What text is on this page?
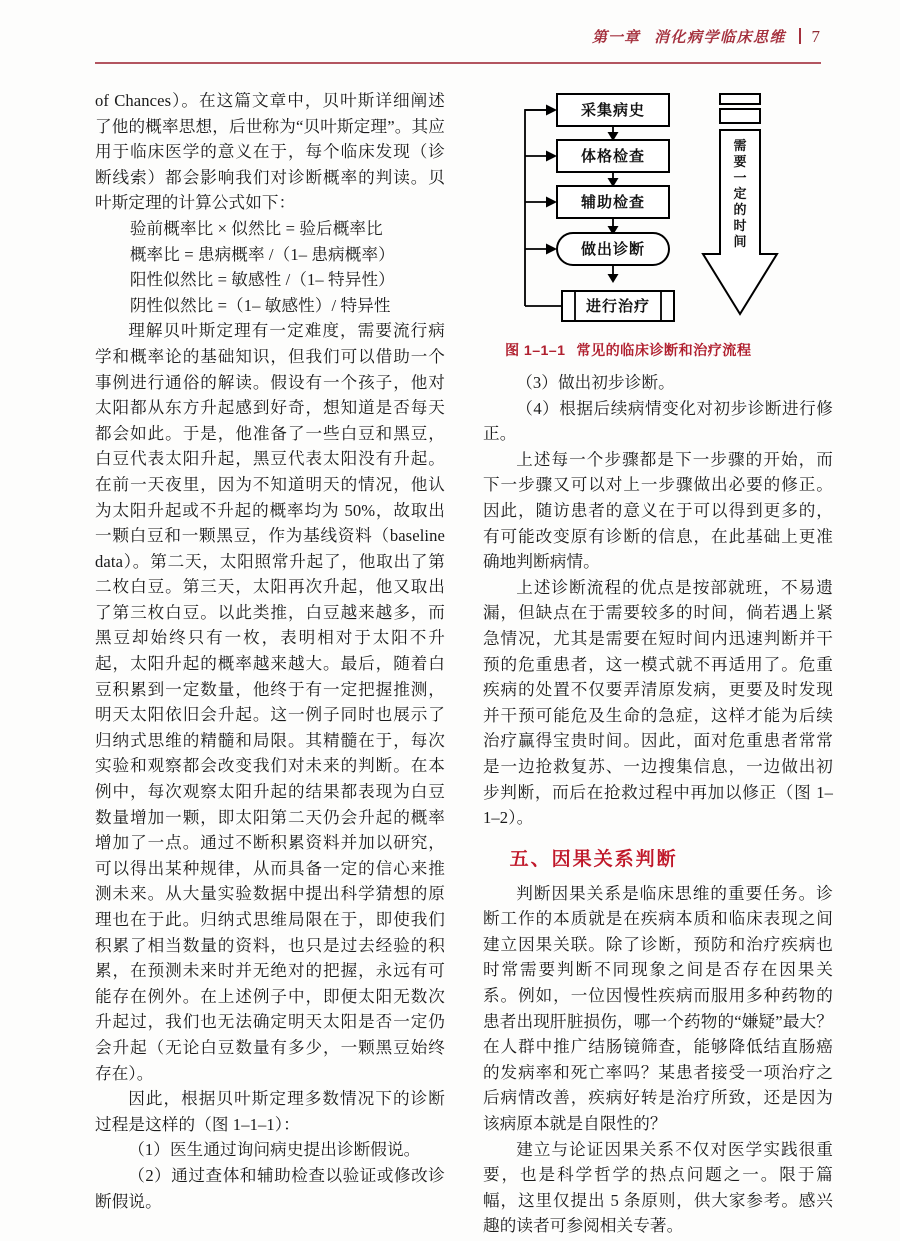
第一章 消化病学临床思维 7

of Chances）。在这篇文章中，贝叶斯详细阐述了他的概率思想，后世称为“贝叶斯定理”。其应用于临床医学的意义在于，每个临床发现（诊断线索）都会影响我们对诊断概率的判读。贝叶斯定理的计算公式如下：

验前概率比 × 似然比 = 验后概率比

概率比 = 患病概率 /（1– 患病概率）

阳性似然比 = 敏感性 /（1– 特异性）

阴性似然比 =（1– 敏感性）/ 特异性

理解贝叶斯定理有一定难度，需要流行病学和概率论的基础知识，但我们可以借助一个事例进行通俗的解读。假设有一个孩子，他对太阳都从东方升起感到好奇，想知道是否每天都会如此。于是，他准备了一些白豆和黑豆，白豆代表太阳升起，黑豆代表太阳没有升起。在前一天夜里，因为不知道明天的情况，他认为太阳升起或不升起的概率均为 50%，故取出一颗白豆和一颗黑豆，作为基线资料（baseline data）。第二天，太阳照常升起了，他取出了第二枚白豆。第三天，太阳再次升起，他又取出了第三枚白豆。以此类推，白豆越来越多，而黑豆却始终只有一枚，表明相对于太阳不升起，太阳升起的概率越来越大。最后，随着白豆积累到一定数量，他终于有一定把握推测，明天太阳依旧会升起。这一例子同时也展示了归纳式思维的精髓和局限。其精髓在于，每次实验和观察都会改变我们对未来的判断。在本例中，每次观察太阳升起的结果都表现为白豆数量增加一颗，即太阳第二天仍会升起的概率增加了一点。通过不断积累资料并加以研究，可以得出某种规律，从而具备一定的信心来推测未来。从大量实验数据中提出科学猜想的原理也在于此。归纳式思维局限在于，即使我们积累了相当数量的资料，也只是过去经验的积累，在预测未来时并无绝对的把握，永远有可能存在例外。在上述例子中，即便太阳无数次升起过，我们也无法确定明天太阳是否一定仍会升起（无论白豆数量有多少，一颗黑豆始终存在）。

因此，根据贝叶斯定理多数情况下的诊断过程是这样的（图 1–1–1）：

（1）医生通过询问病史提出诊断假说。

（2）通过查体和辅助检查以验证或修改诊断假说。

采集病史
体格检查
辅助检查
做出诊断
进行治疗
需
要
一
定
的
时
间
图 1–1–1 常见的临床诊断和治疗流程

（3）做出初步诊断。

（4）根据后续病情变化对初步诊断进行修正。

上述每一个步骤都是下一步骤的开始，而下一步骤又可以对上一步骤做出必要的修正。因此，随访患者的意义在于可以得到更多的，有可能改变原有诊断的信息，在此基础上更准确地判断病情。

上述诊断流程的优点是按部就班，不易遗漏，但缺点在于需要较多的时间，倘若遇上紧急情况，尤其是需要在短时间内迅速判断并干预的危重患者，这一模式就不再适用了。危重疾病的处置不仅要弄清原发病，更要及时发现并干预可能危及生命的急症，这样才能为后续治疗赢得宝贵时间。因此，面对危重患者常常是一边抢救复苏、一边搜集信息，一边做出初步判断，而后在抢救过程中再加以修正（图 1–1–2）。

五、因果关系判断

判断因果关系是临床思维的重要任务。诊断工作的本质就是在疾病本质和临床表现之间建立因果关联。除了诊断，预防和治疗疾病也时常需要判断不同现象之间是否存在因果关系。例如，一位因慢性疾病而服用多种药物的患者出现肝脏损伤，哪一个药物的“嫌疑”最大？在人群中推广结肠镜筛查，能够降低结直肠癌的发病率和死亡率吗？某患者接受一项治疗之后病情改善，疾病好转是治疗所致，还是因为该病原本就是自限性的？

建立与论证因果关系不仅对医学实践很重要，也是科学哲学的热点问题之一。限于篇幅，这里仅提出 5 条原则，供大家参考。感兴趣的读者可参阅相关专著。
